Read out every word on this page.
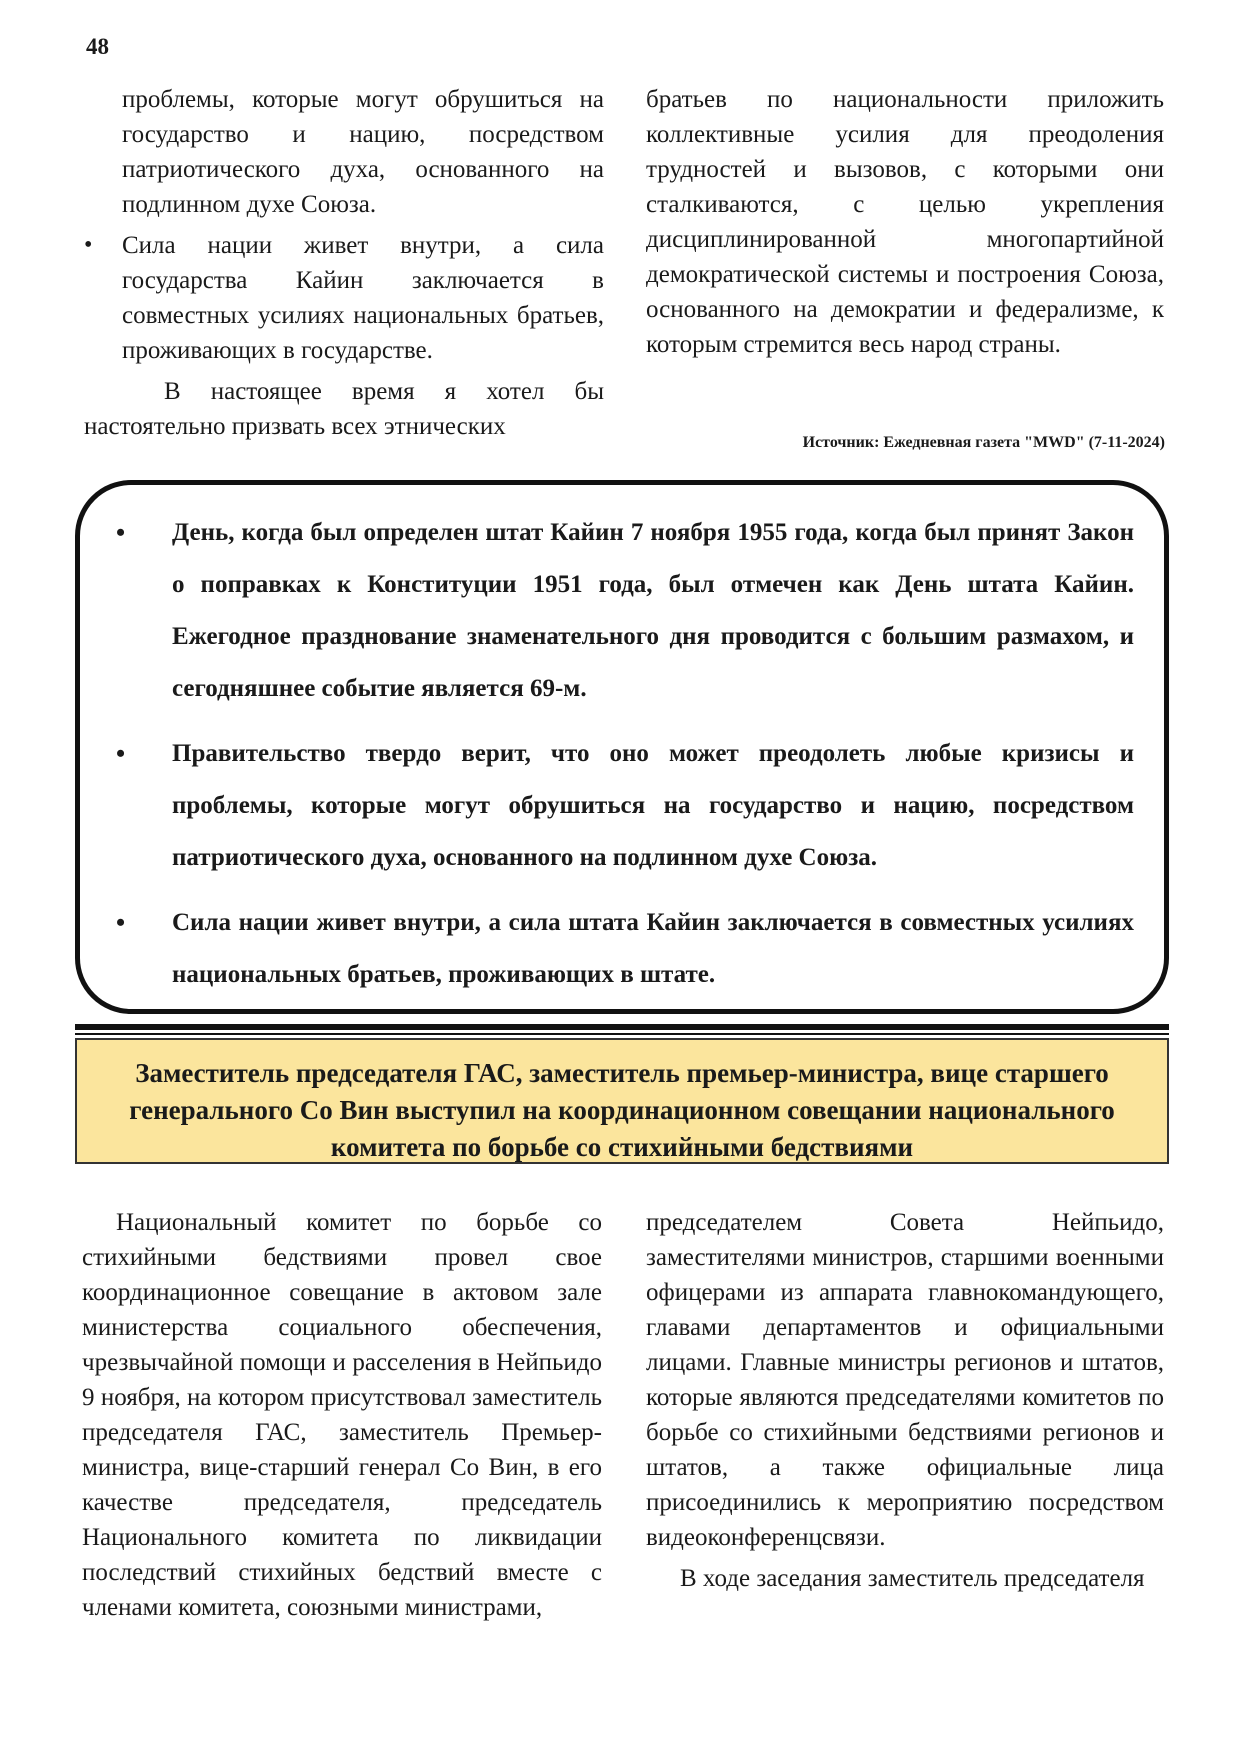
48

проблемы, которые могут обрушиться на государство и нацию, посредством патриотического духа, основанного на подлинном духе Союза.

• Сила нации живет внутри, а сила государства Кайин заключается в совместных усилиях национальных братьев, проживающих в государстве.

В настоящее время я хотел бы настоятельно призвать всех этнических

братьев по национальности приложить коллективные усилия для преодоления трудностей и вызовов, с которыми они сталкиваются, с целью укрепления дисциплинированной многопартийной демократической системы и построения Союза, основанного на демократии и федерализме, к которым стремится весь народ страны.

Источник: Ежедневная газета "MWD" (7-11-2024)
• День, когда был определен штат Кайин 7 ноября 1955 года, когда был принят Закон о поправках к Конституции 1951 года, был отмечен как День штата Кайин. Ежегодное празднование знаменательного дня проводится с большим размахом, и сегодняшнее событие является 69-м.
• Правительство твердо верит, что оно может преодолеть любые кризисы и проблемы, которые могут обрушиться на государство и нацию, посредством патриотического духа, основанного на подлинном духе Союза.
• Сила нации живет внутри, а сила штата Кайин заключается в совместных усилиях национальных братьев, проживающих в штате.
Заместитель председателя ГАС, заместитель премьер-министра, вице старшего генерального Со Вин выступил на координационном совещании национального комитета по борьбе со стихийными бедствиями

Национальный комитет по борьбе со стихийными бедствиями провел свое координационное совещание в актовом зале министерства социального обеспечения, чрезвычайной помощи и расселения в Нейпьидо 9 ноября, на котором присутствовал заместитель председателя ГАС, заместитель Премьер-министра, вице-старший генерал Со Вин, в его качестве председателя, председатель Национального комитета по ликвидации последствий стихийных бедствий вместе с членами комитета, союзными министрами,

председателем Совета Нейпьидо, заместителями министров, старшими военными офицерами из аппарата главнокомандующего, главами департаментов и официальными лицами. Главные министры регионов и штатов, которые являются председателями комитетов по борьбе со стихийными бедствиями регионов и штатов, а также официальные лица присоединились к мероприятию посредством видеоконференцсвязи.

В ходе заседания заместитель председателя
